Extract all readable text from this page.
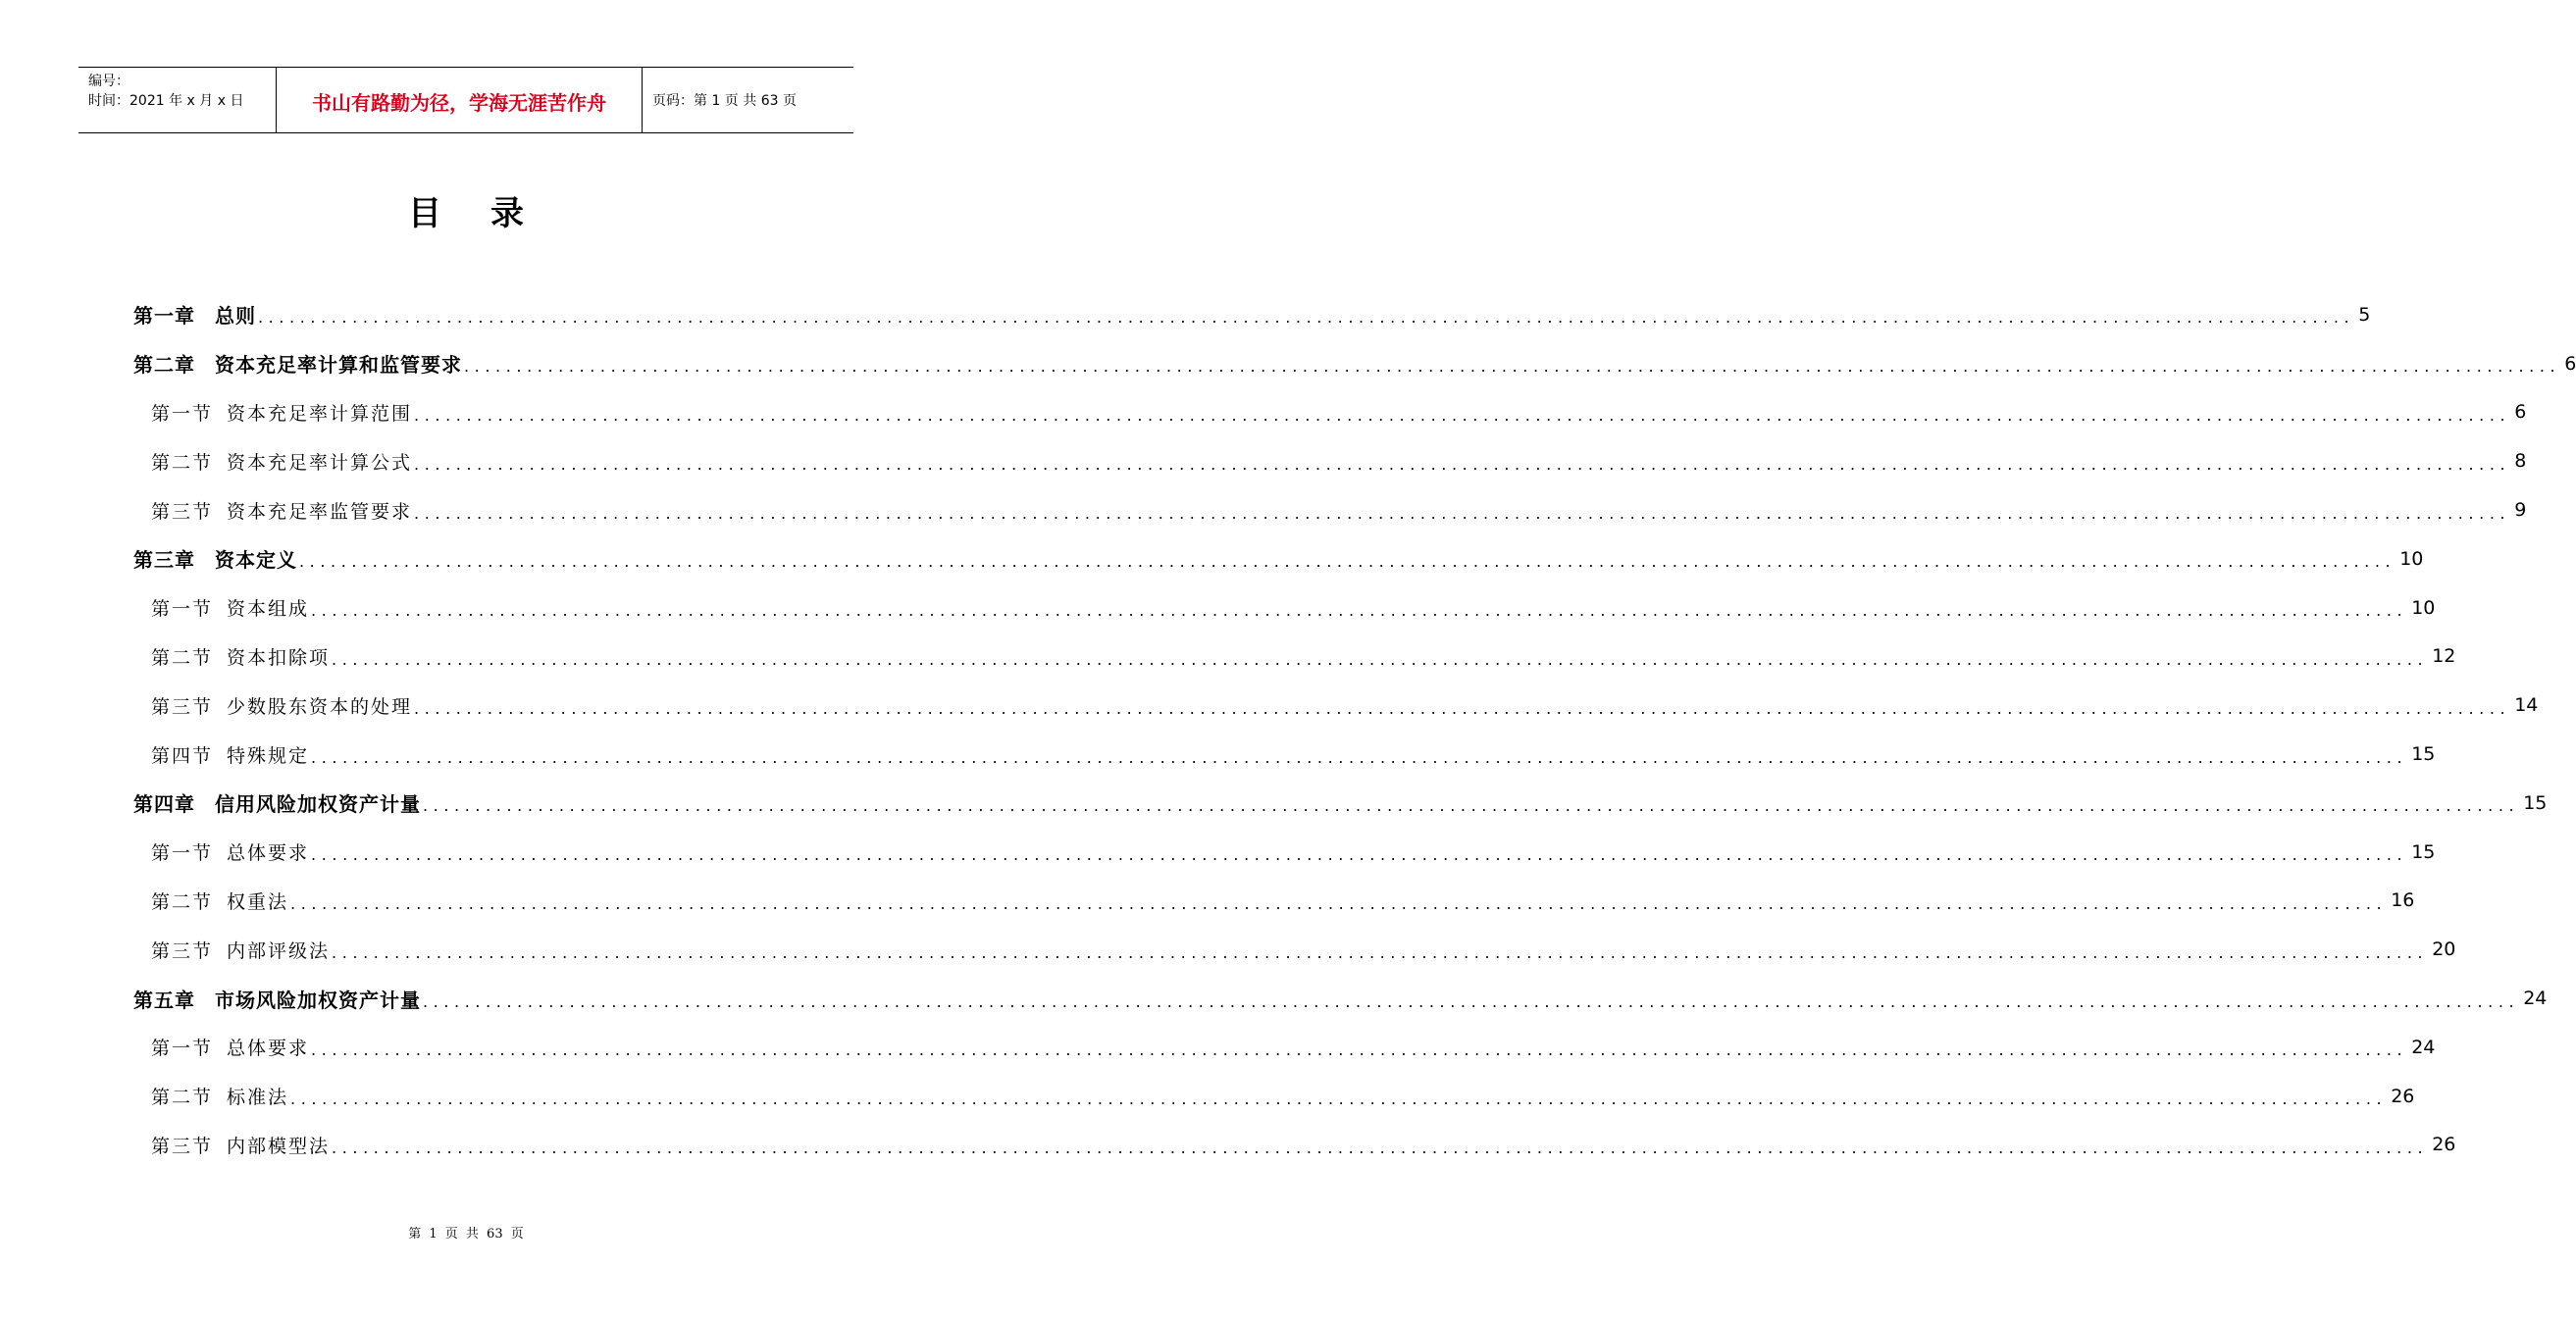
编号：
时间：2021 年 x 月 x 日	书山有路勤为径，学海无涯苦作舟	页码：第 1 页 共 63 页
目录
第一章 总则 ........................................................................................................................................................................................................ 5
第二章 资本充足率计算和监管要求 ........................................................................................................................................................................................................ 6
第一节 资本充足率计算范围 ........................................................................................................................................................................................................ 6
第二节 资本充足率计算公式 ........................................................................................................................................................................................................ 8
第三节 资本充足率监管要求 ........................................................................................................................................................................................................ 9
第三章 资本定义 ........................................................................................................................................................................................................ 10
第一节 资本组成 ........................................................................................................................................................................................................ 10
第二节 资本扣除项 ........................................................................................................................................................................................................ 12
第三节 少数股东资本的处理 ........................................................................................................................................................................................................ 14
第四节 特殊规定 ........................................................................................................................................................................................................ 15
第四章 信用风险加权资产计量 ........................................................................................................................................................................................................ 15
第一节 总体要求 ........................................................................................................................................................................................................ 15
第二节 权重法 ........................................................................................................................................................................................................ 16
第三节 内部评级法 ........................................................................................................................................................................................................ 20
第五章 市场风险加权资产计量 ........................................................................................................................................................................................................ 24
第一节 总体要求 ........................................................................................................................................................................................................ 24
第二节 标准法 ........................................................................................................................................................................................................ 26
第三节 内部模型法 ........................................................................................................................................................................................................ 26
第 1 页 共 63 页
